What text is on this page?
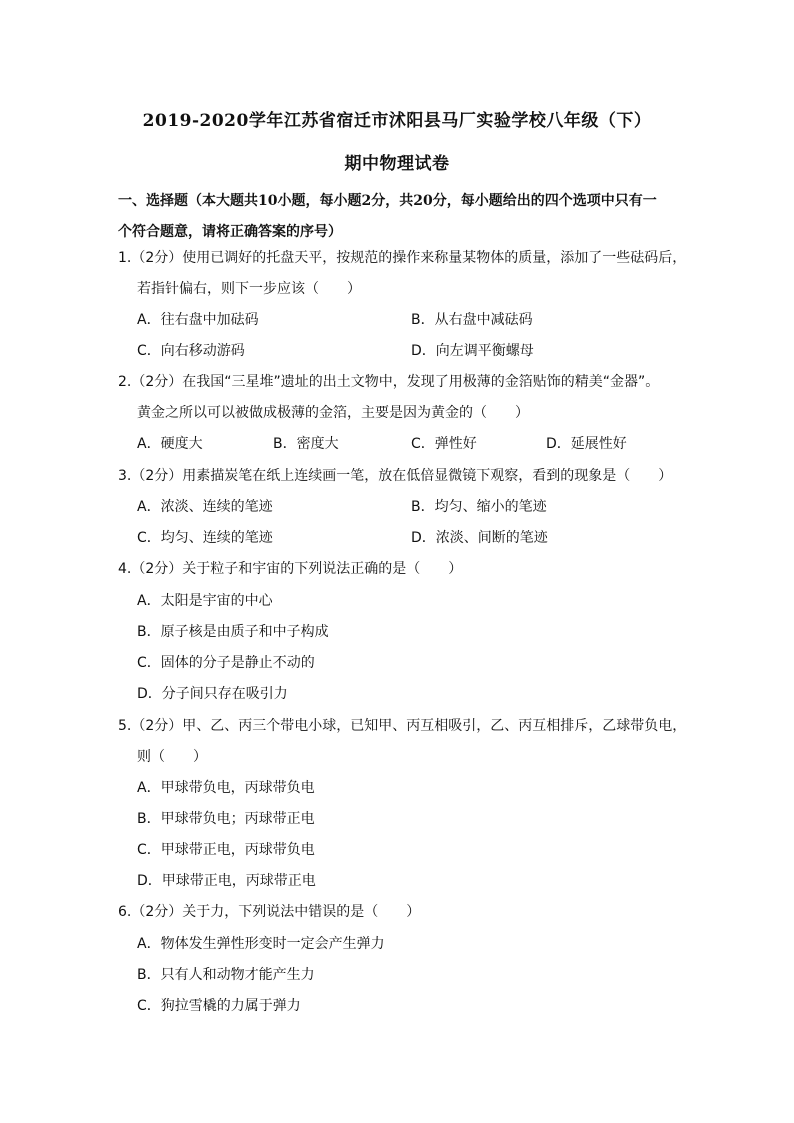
2019-2020学年江苏省宿迁市沭阳县马厂实验学校八年级（下）
期中物理试卷
一、选择题（本大题共10小题，每小题2分，共20分，每小题给出的四个选项中只有一
个符合题意，请将正确答案的序号）
1.（2分）使用已调好的托盘天平，按规范的操作来称量某物体的质量，添加了一些砝码后，
若指针偏右，则下一步应该（　　）
A．往右盘中加砝码	B．从右盘中减砝码
C．向右移动游码	D．向左调平衡螺母
2.（2分）在我国“三星堆”遗址的出土文物中，发现了用极薄的金箔贴饰的精美“金器”。
黄金之所以可以被做成极薄的金箔，主要是因为黄金的（　　）
A．硬度大	B．密度大	C．弹性好	D．延展性好
3.（2分）用素描炭笔在纸上连续画一笔，放在低倍显微镜下观察，看到的现象是（　　）
A．浓淡、连续的笔迹	B．均匀、缩小的笔迹
C．均匀、连续的笔迹	D．浓淡、间断的笔迹
4.（2分）关于粒子和宇宙的下列说法正确的是（　　）
A．太阳是宇宙的中心
B．原子核是由质子和中子构成
C．固体的分子是静止不动的
D．分子间只存在吸引力
5.（2分）甲、乙、丙三个带电小球，已知甲、丙互相吸引，乙、丙互相排斥，乙球带负电，
则（　　）
A．甲球带负电，丙球带负电
B．甲球带负电；丙球带正电
C．甲球带正电，丙球带负电
D．甲球带正电，丙球带正电
6.（2分）关于力，下列说法中错误的是（　　）
A．物体发生弹性形变时一定会产生弹力
B．只有人和动物才能产生力
C．狗拉雪橇的力属于弹力
